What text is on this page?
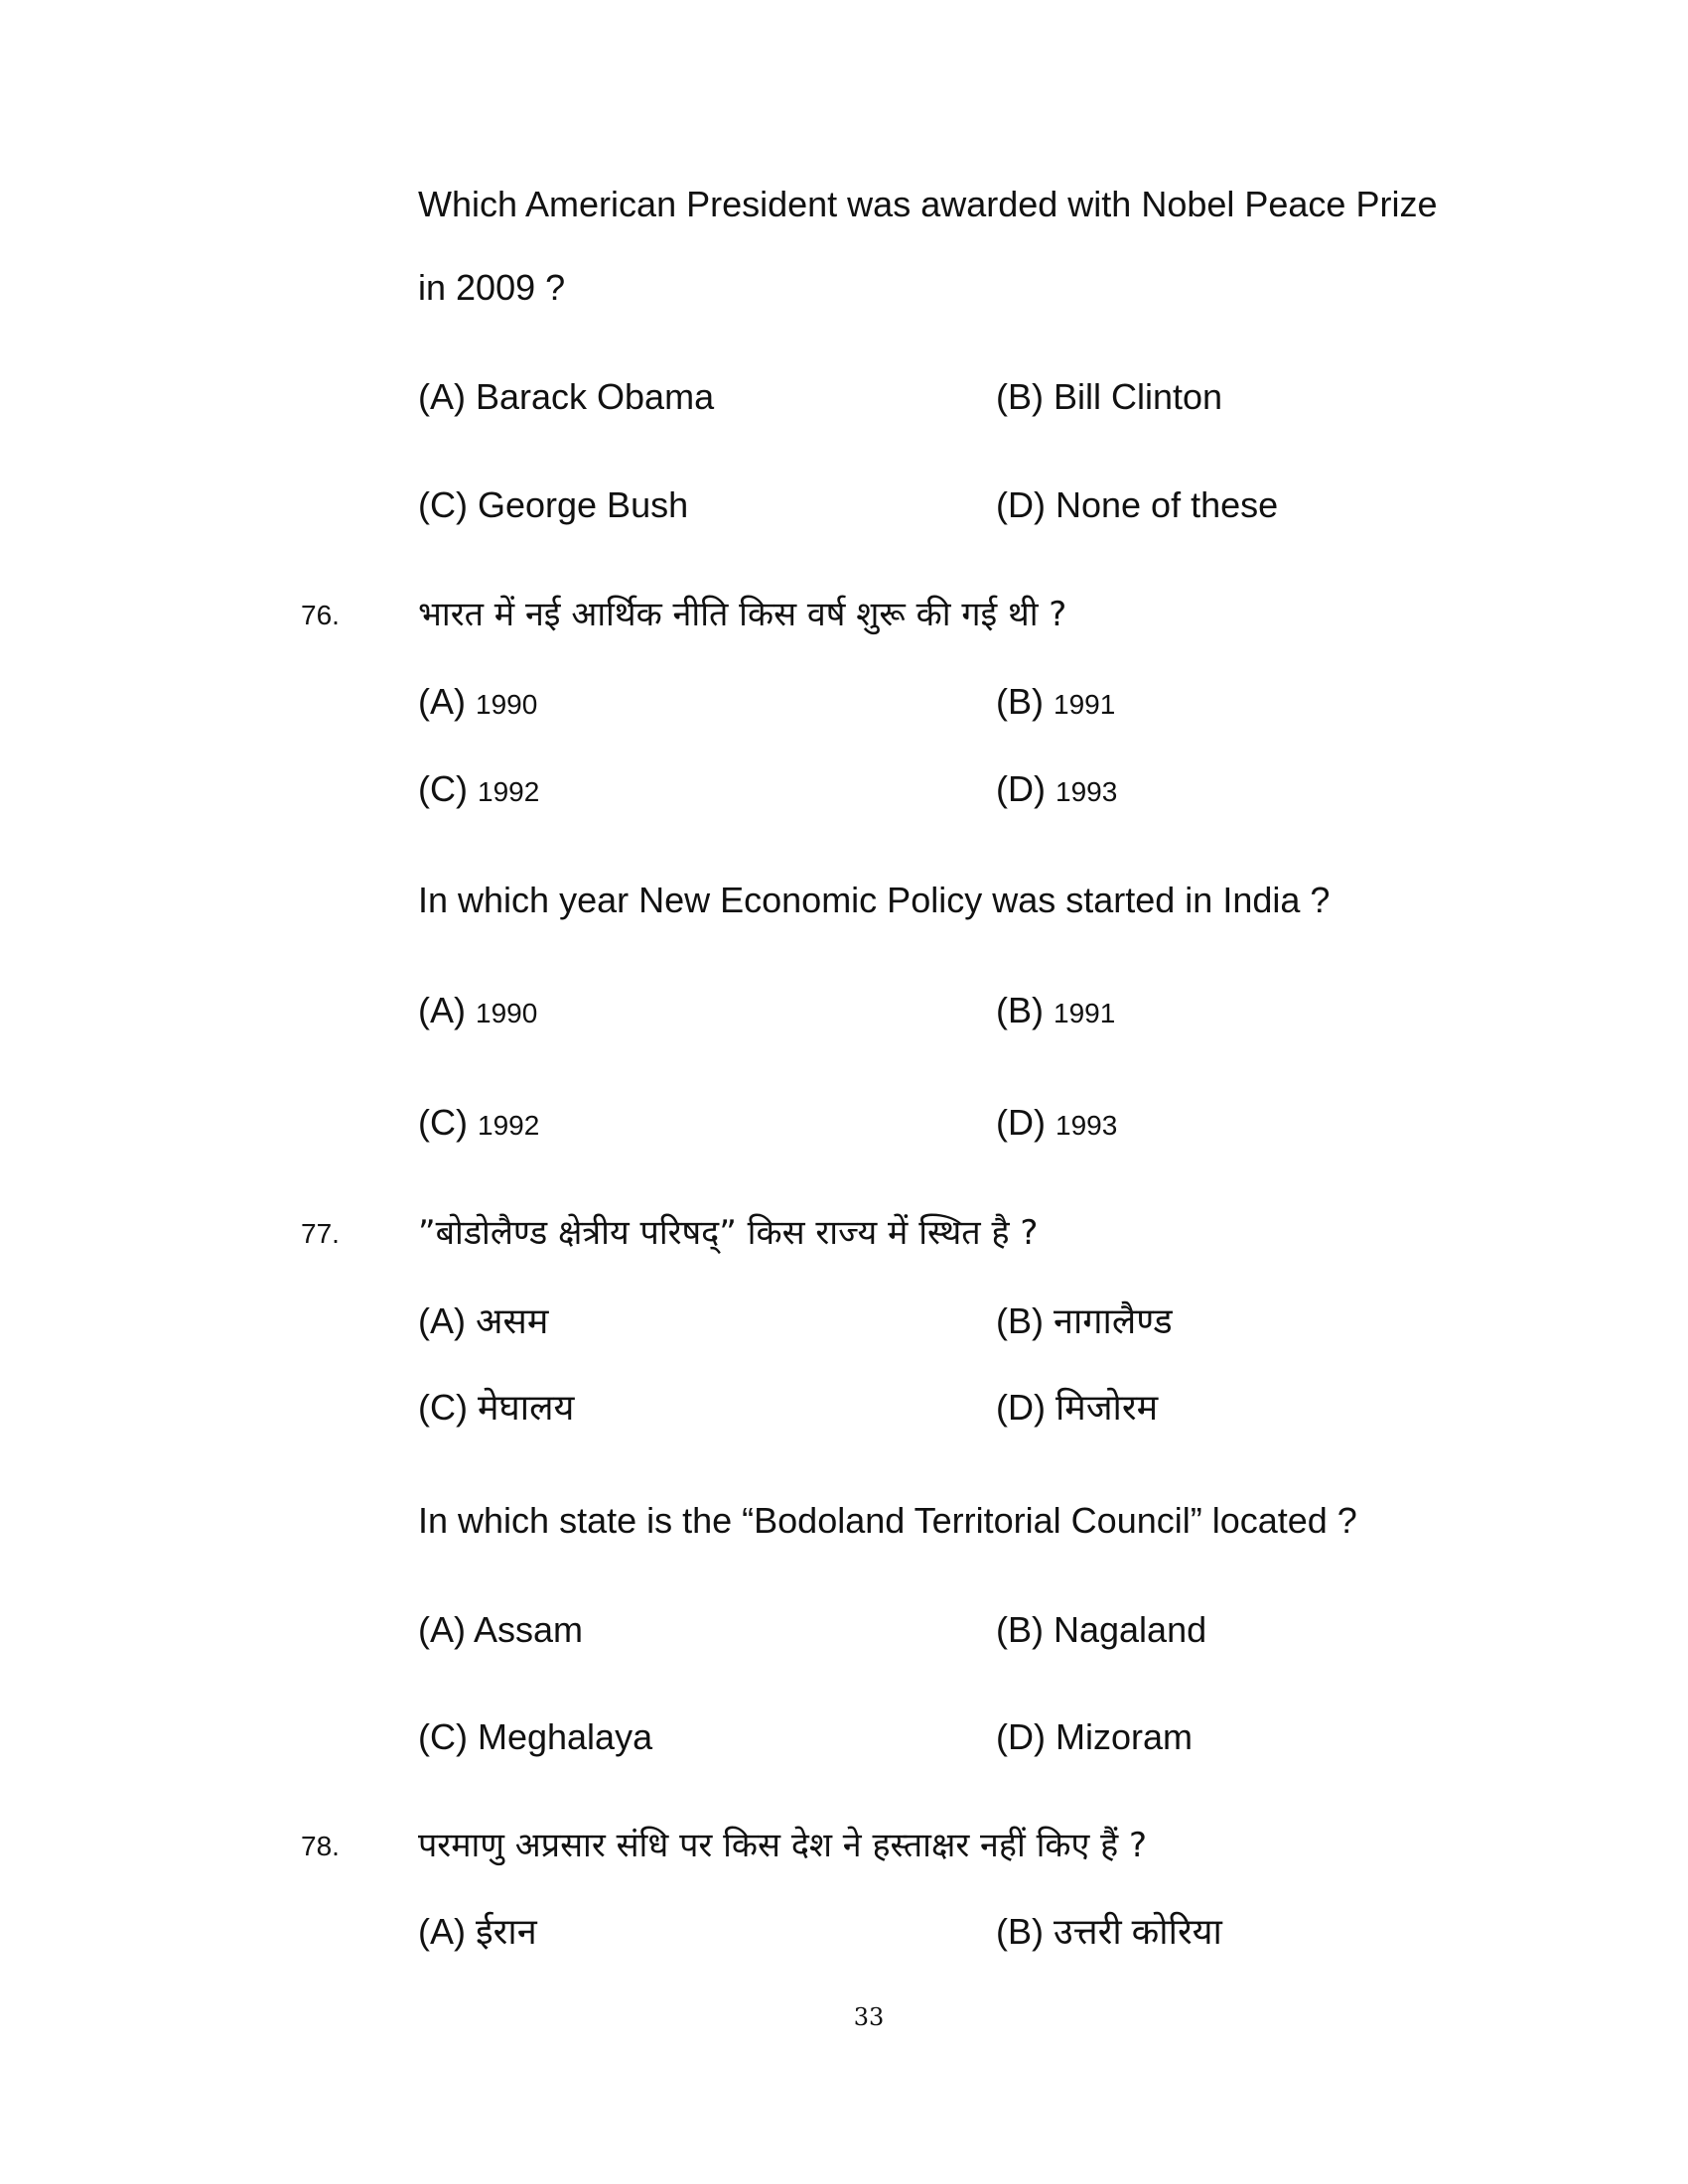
Which American President was awarded with Nobel Peace Prize
in 2009 ?
(A) Barack Obama	(B) Bill Clinton
(C) George Bush	(D) None of these
76. भारत में नई आर्थिक नीति किस वर्ष शुरू की गई थी ?
(A) 1990	(B) 1991
(C) 1992	(D) 1993
In which year New Economic Policy was started in India ?
(A) 1990	(B) 1991
(C) 1992	(D) 1993
77. ”बोडोलैण्ड क्षेत्रीय परिषद्” किस राज्य में स्थित है ?
(A) असम	(B) नागालैण्ड
(C) मेघालय	(D) मिजोरम
In which state is the “Bodoland Territorial Council” located ?
(A) Assam	(B) Nagaland
(C) Meghalaya	(D) Mizoram
78. परमाणु अप्रसार संधि पर किस देश ने हस्ताक्षर नहीं किए हैं ?
(A) ईरान	(B) उत्तरी कोरिया
33
